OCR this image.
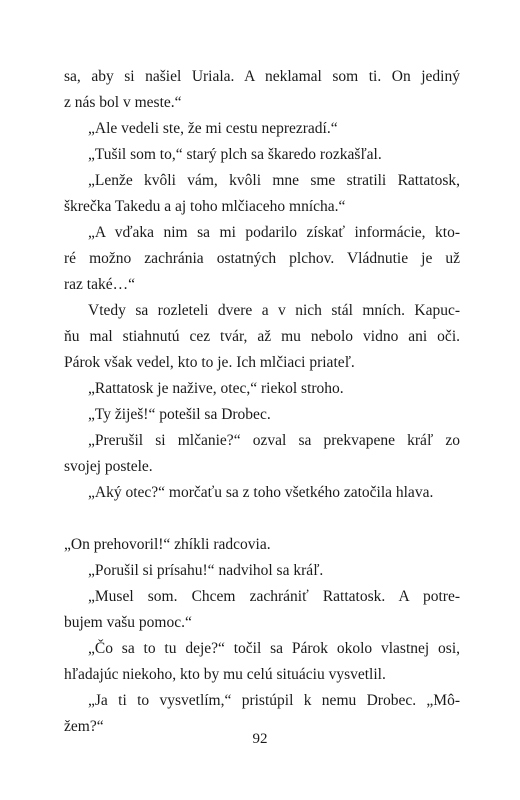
sa, aby si našiel Uriala. A neklamal som ti. On jediný
z nás bol v meste.“
„Ale vedeli ste, že mi cestu neprezradí.“
„Tušil som to,“ starý plch sa škaredo rozkašľal.
„Lenže kvôli vám, kvôli mne sme stratili Rattatosk,
škrečka Takedu a aj toho mlčiaceho mnícha.“
„A vďaka nim sa mi podarilo získať informácie, kto-
ré možno zachránia ostatných plchov. Vládnutie je už
raz také…“
Vtedy sa rozleteli dvere a v nich stál mních. Kapuc-
ňu mal stiahnutú cez tvár, až mu nebolo vidno ani oči.
Párok však vedel, kto to je. Ich mlčiaci priateľ.
„Rattatosk je nažive, otec,“ riekol stroho.
„Ty žiješ!“ potešil sa Drobec.
„Prerušil si mlčanie?“ ozval sa prekvapene kráľ zo
svojej postele.
„Aký otec?“ morčaťu sa z toho všetkého zatočila hlava.
„On prehovoril!“ zhíkli radcovia.
„Porušil si prísahu!“ nadvihol sa kráľ.
„Musel som. Chcem zachrániť Rattatosk. A potre-
bujem vašu pomoc.“
„Čo sa to tu deje?“ točil sa Párok okolo vlastnej osi,
hľadajúc niekoho, kto by mu celú situáciu vysvetlil.
„Ja ti to vysvetlím,“ pristúpil k nemu Drobec. „Mô-
žem?“
92
